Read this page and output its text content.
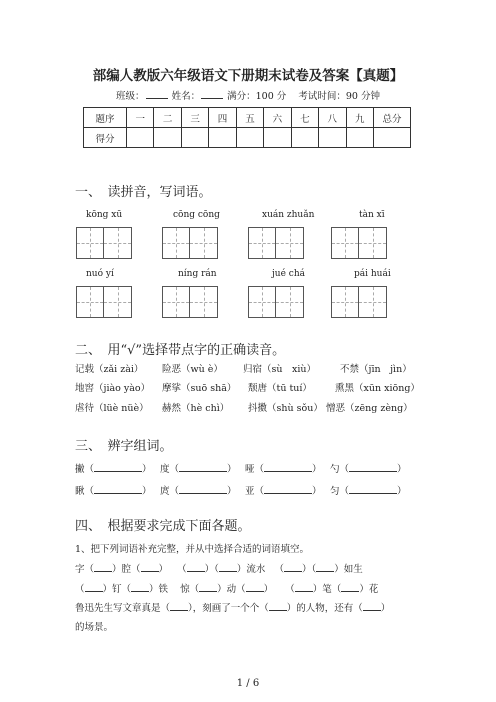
部编人教版六年级语文下册期末试卷及答案【真题】
班级：	姓名：	满分：100 分 考试时间：90 分钟
题序	一	二	三	四	五	六	七	八	九	总分
得分										
一、　读拼音，写词语。
kōng xū	cōng cōng	xuán zhuǎn	tàn xī
nuó yí	níng rán	jué chá	pái huái
二、　用“√”选择带点字的正确读音。
记载（zǎi zài） 险恶（wù è） 归宿（sù　xiù）	不禁（jīn　jìn）
地窖（jiào yào） 摩挲（suō shā） 颓唐（tū tuí） 熏黑（xūn xiōng）
虐待（lüè nüè） 赫然（hè chì） 抖擞（shù sǒu） 憎恶（zēng zèng）
三、　辨字组词。
撇（	） 度（	） 哑（	） 勺（	）
瞅（	） 庹（	） 亚（	） 匀（	）
四、　根据要求完成下面各题。
1、把下列词语补充完整，并从中选择合适的词语填空。
字（ ）腔（ ） （ ）（ ）流水 （ ）（ ）如生
（ ）钉（ ）铁 惊（ ）动（ ） （ ）笔（ ）花
鲁迅先生写文章真是（ ），刻画了一个个（ ）的人物，还有（ ）
的场景。
1 / 6
